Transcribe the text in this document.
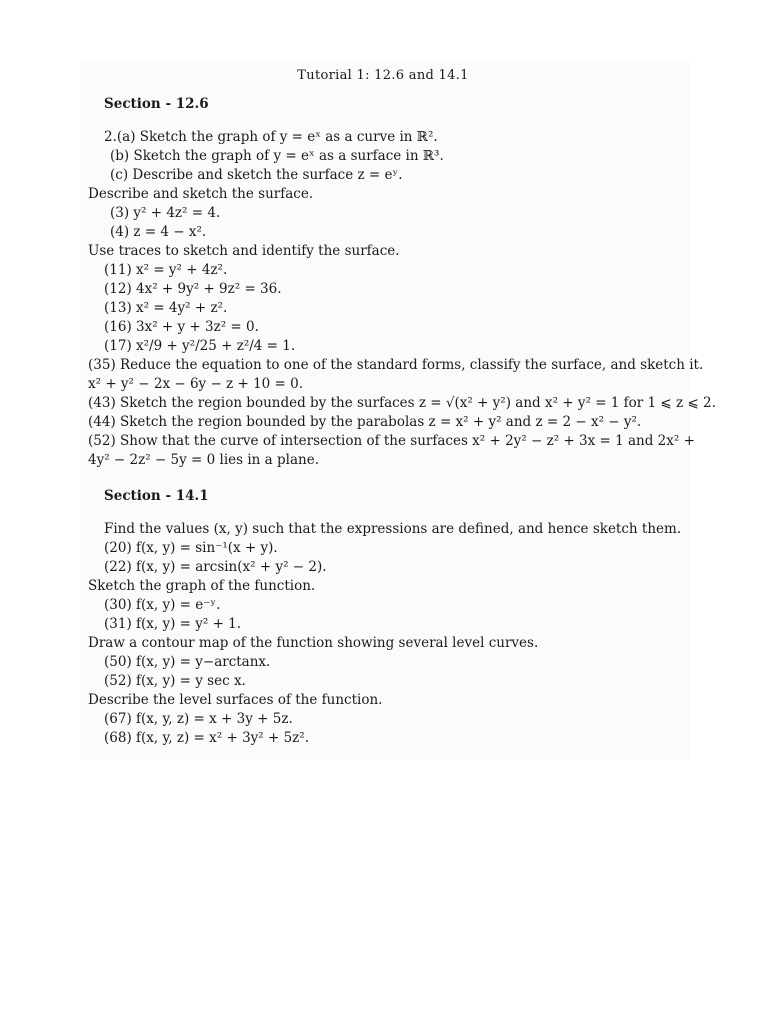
Tutorial 1: 12.6 and 14.1
Section - 12.6
2.(a) Sketch the graph of y = eˣ as a curve in ℝ².
(b) Sketch the graph of y = eˣ as a surface in ℝ³.
(c) Describe and sketch the surface z = eʸ.
Describe and sketch the surface.
(3) y² + 4z² = 4.
(4) z = 4 − x².
Use traces to sketch and identify the surface.
(11) x² = y² + 4z².
(12) 4x² + 9y² + 9z² = 36.
(13) x² = 4y² + z².
(16) 3x² + y + 3z² = 0.
(17) x²/9 + y²/25 + z²/4 = 1.
(35) Reduce the equation to one of the standard forms, classify the surface, and sketch it.
x² + y² − 2x − 6y − z + 10 = 0.
(43) Sketch the region bounded by the surfaces z = √(x² + y²) and x² + y² = 1 for 1 ⩽ z ⩽ 2.
(44) Sketch the region bounded by the parabolas z = x² + y² and z = 2 − x² − y².
(52) Show that the curve of intersection of the surfaces x² + 2y² − z² + 3x = 1 and 2x² +
4y² − 2z² − 5y = 0 lies in a plane.
Section - 14.1
Find the values (x, y) such that the expressions are defined, and hence sketch them.
(20) f(x, y) = sin⁻¹(x + y).
(22) f(x, y) = arcsin(x² + y² − 2).
Sketch the graph of the function.
(30) f(x, y) = e⁻ʸ.
(31) f(x, y) = y² + 1.
Draw a contour map of the function showing several level curves.
(50) f(x, y) = y−arctanx.
(52) f(x, y) = y sec x.
Describe the level surfaces of the function.
(67) f(x, y, z) = x + 3y + 5z.
(68) f(x, y, z) = x² + 3y² + 5z².
